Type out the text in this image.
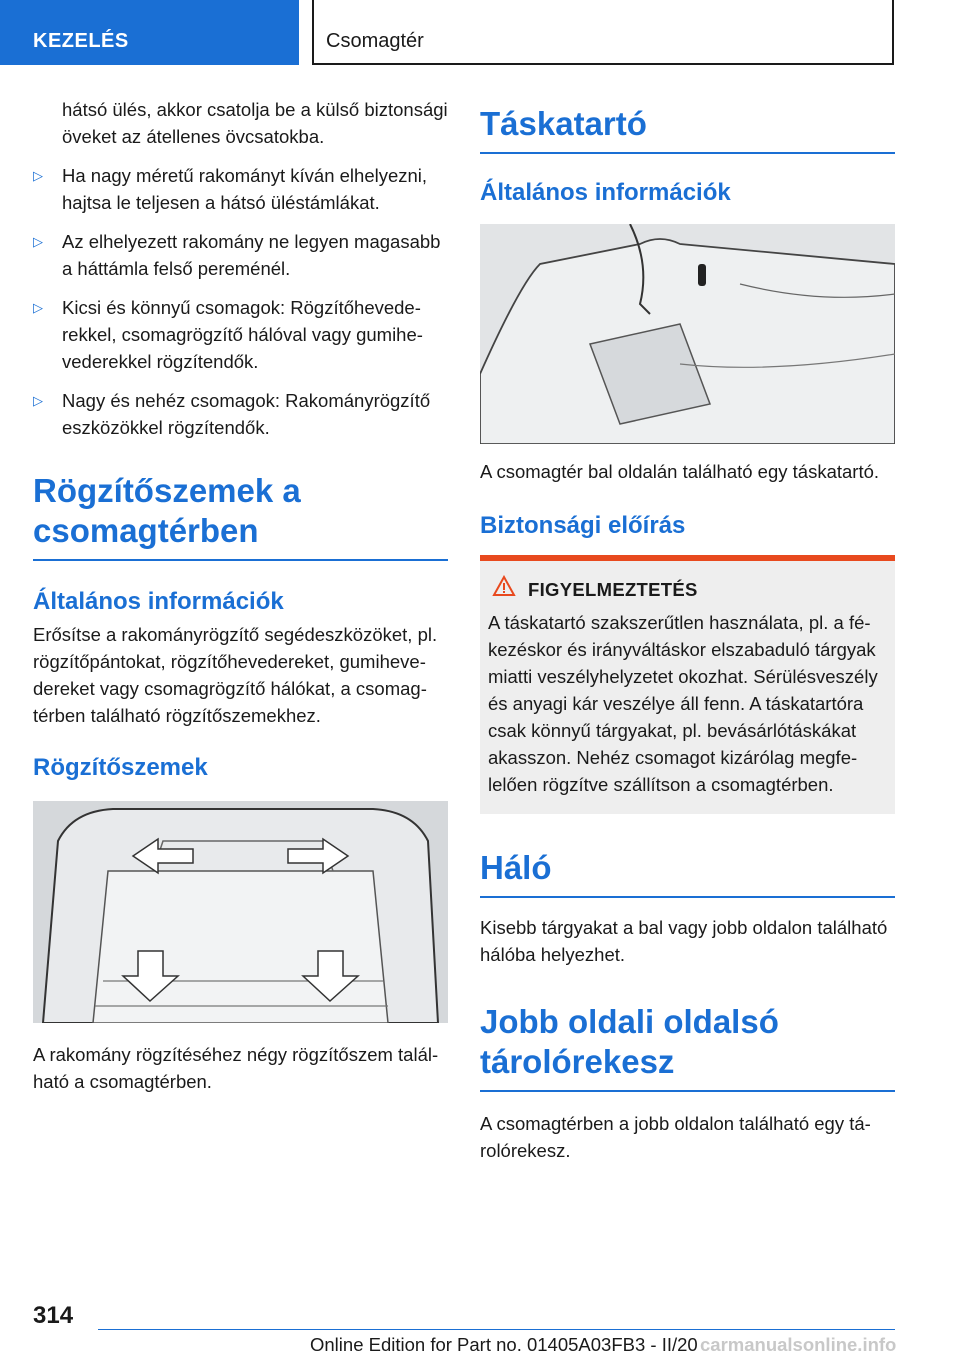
KEZELÉS	Csomagtér

hátsó ülés, akkor csatolja be a külső biztonsági öveket az átellenes övcsatokba.

▷ Ha nagy méretű rakományt kíván elhelyezni, hajtsa le teljesen a hátsó üléstámlákat.
▷ Az elhelyezett rakomány ne legyen magasabb a háttámla felső pereménél.
▷ Kicsi és könnyű csomagok: Rögzítőhevederekkel, csomagrögzítő hálóval vagy gumihevederekkel rögzítendők.
▷ Nagy és nehéz csomagok: Rakományrögzítő eszközökkel rögzítendők.
Rögzítőszemek a csomagtérben
Általános információk

Erősítse a rakományrögzítő segédeszközöket, pl. rögzítőpántokat, rögzítőhevedereket, gumihevedereket vagy csomagrögzítő hálókat, a csomagtérben található rögzítőszemekhez.

Rögzítőszemek

A rakomány rögzítéséhez négy rögzítőszem található a csomagtérben.

Táskatartó
Általános információk

A csomagtér bal oldalán található egy táskatartó.

Biztonsági előírás
FIGYELMEZTETÉS

A táskatartó szakszerűtlen használata, pl. a fékezéskor és irányváltáskor elszabaduló tárgyak miatti veszélyhelyzetet okozhat. Sérülésveszély és anyagi kár veszélye áll fenn. A táskatartóra csak könnyű tárgyakat, pl. bevásárlótáskákat akasszon. Nehéz csomagot kizárólag megfelelően rögzítve szállítson a csomagtérben.

Háló

Kisebb tárgyakat a bal vagy jobb oldalon található hálóba helyezhet.

Jobb oldali oldalsó tárolórekesz

A csomagtérben a jobb oldalon található egy tárolórekesz.

314
Online Edition for Part no. 01405A03FB3 - II/20 carmanualsonline.info
